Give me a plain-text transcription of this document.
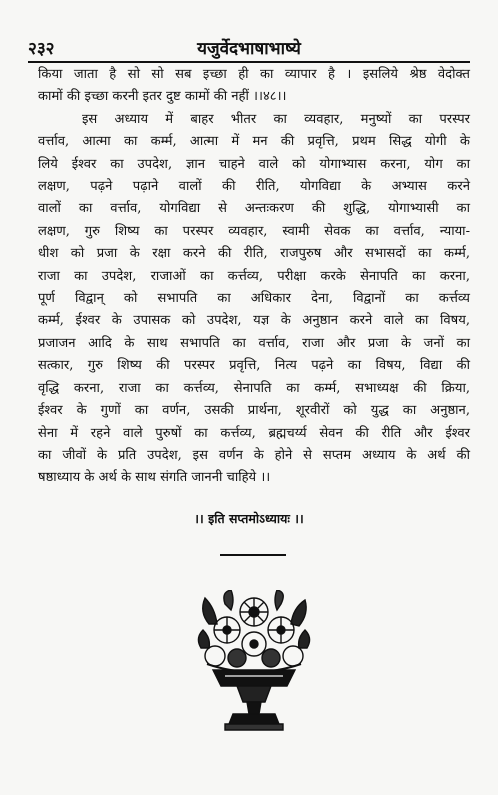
२३२	यजुर्वेदभाषाभाष्ये
किया जाता है सो सो सब इच्छा ही का व्यापार है । इसलिये श्रेष्ठ वेदोक्त
कामों की इच्छा करनी इतर दुष्ट कामों की नहीं ।।४८।।
इस अध्याय में बाहर भीतर का व्यवहार, मनुष्यों का परस्पर
वर्त्ताव, आत्मा का कर्म्म, आत्मा में मन की प्रवृत्ति, प्रथम सिद्ध योगी के
लिये ईश्वर का उपदेश, ज्ञान चाहने वाले को योगाभ्यास करना, योग का
लक्षण, पढ़ने पढ़ाने वालों की रीति, योगविद्या के अभ्यास करने
वालों का वर्त्ताव, योगविद्या से अन्तःकरण की शुद्धि, योगाभ्यासी का
लक्षण, गुरु शिष्य का परस्पर व्यवहार, स्वामी सेवक का वर्त्ताव, न्याया-
धीश को प्रजा के रक्षा करने की रीति, राजपुरुष और सभासदों का कर्म्म,
राजा का उपदेश, राजाओं का कर्त्तव्य, परीक्षा करके सेनापति का करना,
पूर्ण विद्वान् को सभापति का अधिकार देना, विद्वानों का कर्त्तव्य
कर्म्म, ईश्वर के उपासक को उपदेश, यज्ञ के अनुष्ठान करने वाले का विषय,
प्रजाजन आदि के साथ सभापति का वर्त्ताव, राजा और प्रजा के जनों का
सत्कार, गुरु शिष्य की परस्पर प्रवृत्ति, नित्य पढ़ने का विषय, विद्या की
वृद्धि करना, राजा का कर्त्तव्य, सेनापति का कर्म्म, सभाध्यक्ष की क्रिया,
ईश्वर के गुणों का वर्णन, उसकी प्रार्थना, शूरवीरों को युद्ध का अनुष्ठान,
सेना में रहने वाले पुरुषों का कर्त्तव्य, ब्रह्मचर्य्य सेवन की रीति और ईश्वर
का जीवों के प्रति उपदेश, इस वर्णन के होने से सप्तम अध्याय के अर्थ की
षष्ठाध्याय के अर्थ के साथ संगति जाननी चाहिये ।।
।। इति सप्तमोऽध्यायः ।।
